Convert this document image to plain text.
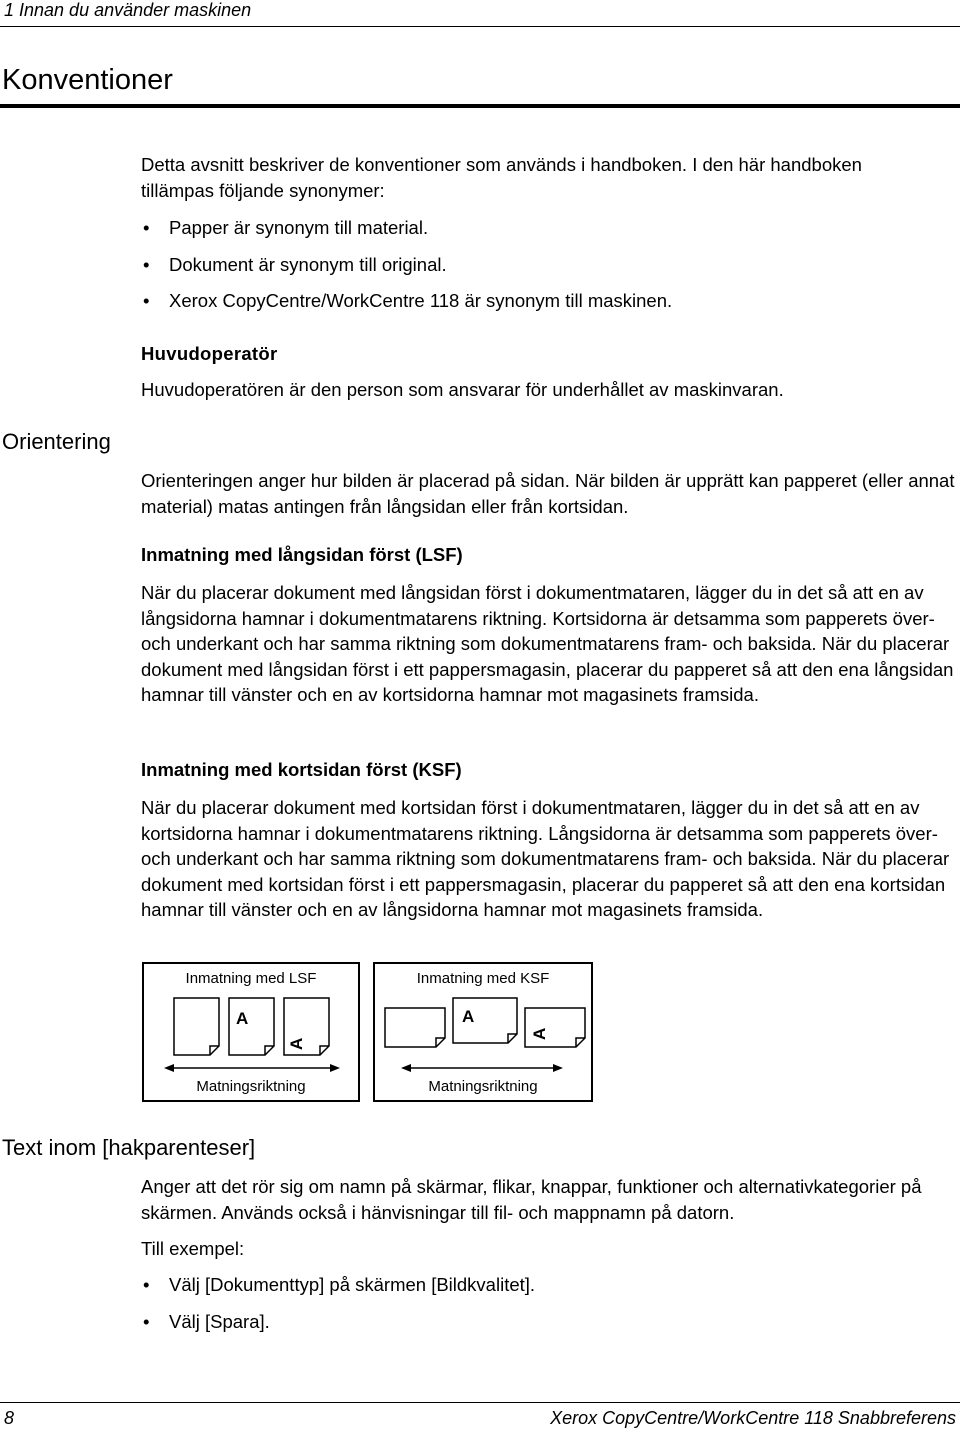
1 Innan du använder maskinen
Konventioner
Detta avsnitt beskriver de konventioner som används i handboken. I den här handboken tillämpas följande synonymer:
• Papper är synonym till material.
• Dokument är synonym till original.
• Xerox CopyCentre/WorkCentre 118 är synonym till maskinen.
Huvudoperatör
Huvudoperatören är den person som ansvarar för underhållet av maskinvaran.
Orientering
Orienteringen anger hur bilden är placerad på sidan. När bilden är upprätt kan papperet (eller annat material) matas antingen från långsidan eller från kortsidan.
Inmatning med långsidan först (LSF)
När du placerar dokument med långsidan först i dokumentmataren, lägger du in det så att en av långsidorna hamnar i dokumentmatarens riktning. Kortsidorna är detsamma som papperets över- och underkant och har samma riktning som dokumentmatarens fram- och baksida. När du placerar dokument med långsidan först i ett pappersmagasin, placerar du papperet så att den ena långsidan hamnar till vänster och en av kortsidorna hamnar mot magasinets framsida.
Inmatning med kortsidan först (KSF)
När du placerar dokument med kortsidan först i dokumentmataren, lägger du in det så att en av kortsidorna hamnar i dokumentmatarens riktning. Långsidorna är detsamma som papperets över- och underkant och har samma riktning som dokumentmatarens fram- och baksida. När du placerar dokument med kortsidan först i ett pappersmagasin, placerar du papperet så att den ena kortsidan hamnar till vänster och en av långsidorna hamnar mot magasinets framsida.
Inmatning med LSF
A
A
Matningsriktning
Inmatning med KSF
A
A
Matningsriktning
Text inom [hakparenteser]
Anger att det rör sig om namn på skärmar, flikar, knappar, funktioner och alternativkategorier på skärmen. Används också i hänvisningar till fil- och mappnamn på datorn.
Till exempel:
• Välj [Dokumenttyp] på skärmen [Bildkvalitet].
• Välj [Spara].
8	Xerox CopyCentre/WorkCentre 118 Snabbreferens
